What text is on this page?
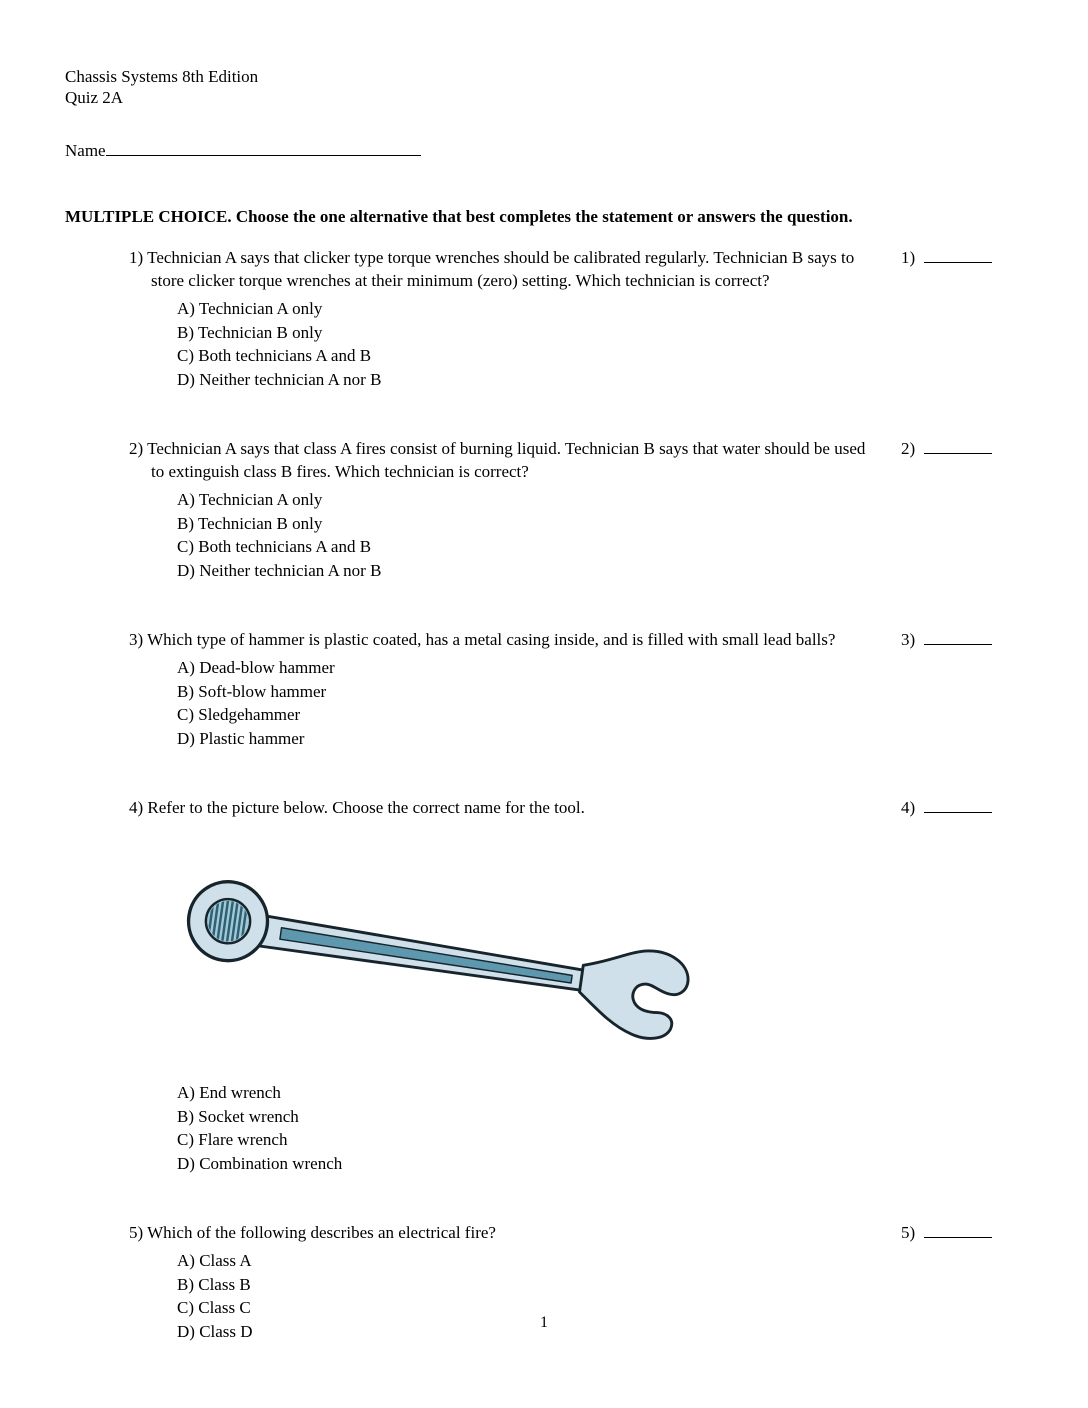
Chassis Systems 8th Edition
Quiz 2A
Name
MULTIPLE CHOICE. Choose the one alternative that best completes the statement or answers the question.

1) Technician A says that clicker type torque wrenches should be calibrated regularly. Technician B says to store clicker torque wrenches at their minimum (zero) setting. Which technician is correct?

A) Technician A only
B) Technician B only
C) Both technicians A and B
D) Neither technician A nor B
1)

2) Technician A says that class A fires consist of burning liquid. Technician B says that water should be used to extinguish class B fires. Which technician is correct?

A) Technician A only
B) Technician B only
C) Both technicians A and B
D) Neither technician A nor B
2)

3) Which type of hammer is plastic coated, has a metal casing inside, and is filled with small lead balls?

A) Dead-blow hammer
B) Soft-blow hammer
C) Sledgehammer
D) Plastic hammer
3)

4) Refer to the picture below. Choose the correct name for the tool.

A) End wrench
B) Socket wrench
C) Flare wrench
D) Combination wrench
4)

5) Which of the following describes an electrical fire?

A) Class A
B) Class B
C) Class C
D) Class D
5)
1
